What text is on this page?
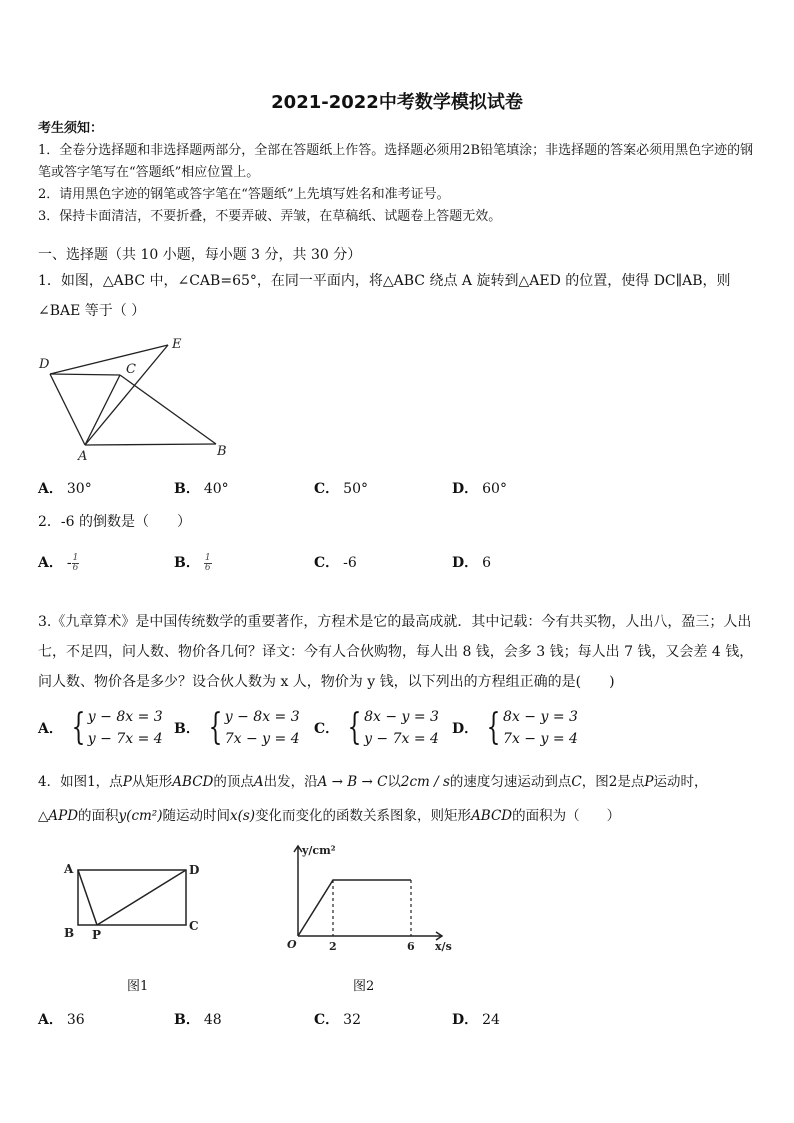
2021-2022中考数学模拟试卷
考生须知：
1．全卷分选择题和非选择题两部分，全部在答题纸上作答。选择题必须用2B铅笔填涂；非选择题的答案必须用黑色字迹的钢笔或答字笔写在“答题纸”相应位置上。
2．请用黑色字迹的钢笔或答字笔在“答题纸”上先填写姓名和准考证号。
3．保持卡面清洁，不要折叠，不要弄破、弄皱，在草稿纸、试题卷上答题无效。
一、选择题（共 10 小题，每小题 3 分，共 30 分）
1．如图，△ABC 中，∠CAB=65°，在同一平面内，将△ABC 绕点 A 旋转到△AED 的位置，使得 DC∥AB，则∠BAE 等于（ ）
D	C
E
A	B
A． 30°	B． 40°	C． 50°	D． 60°
2．-6 的倒数是（　　）
A． - $\frac{1}{6}$	B． $\frac{1}{6}$	C． -6	D． 6
3.《九章算术》是中国传统数学的重要著作，方程术是它的最高成就．其中记载：今有共买物，人出八，盈三；人出七，不足四，问人数、物价各几何？译文：今有人合伙购物，每人出 8 钱，会多 3 钱；每人出 7 钱，又会差 4 钱，问人数、物价各是多少？设合伙人数为 x 人，物价为 y 钱，以下列出的方程组正确的是(　　)
A． { y − 8x = 3
y − 7x = 4
B． { y − 8x = 3
7x − y = 4
C． { 8x − y = 3
y − 7x = 4
D． { 8x − y = 3
7x − y = 4
4．如图1，点P从矩形ABCD的顶点A出发，沿A → B → C以2cm / s的速度匀速运动到点C，图2是点P运动时，
△APD的面积y(cm²)随运动时间x(s)变化而变化的函数关系图象，则矩形ABCD的面积为（　　）
A	D
B P
C
图1
y/cm²
x/s
O	2	6
图2
A． 36	B． 48	C． 32	D． 24
